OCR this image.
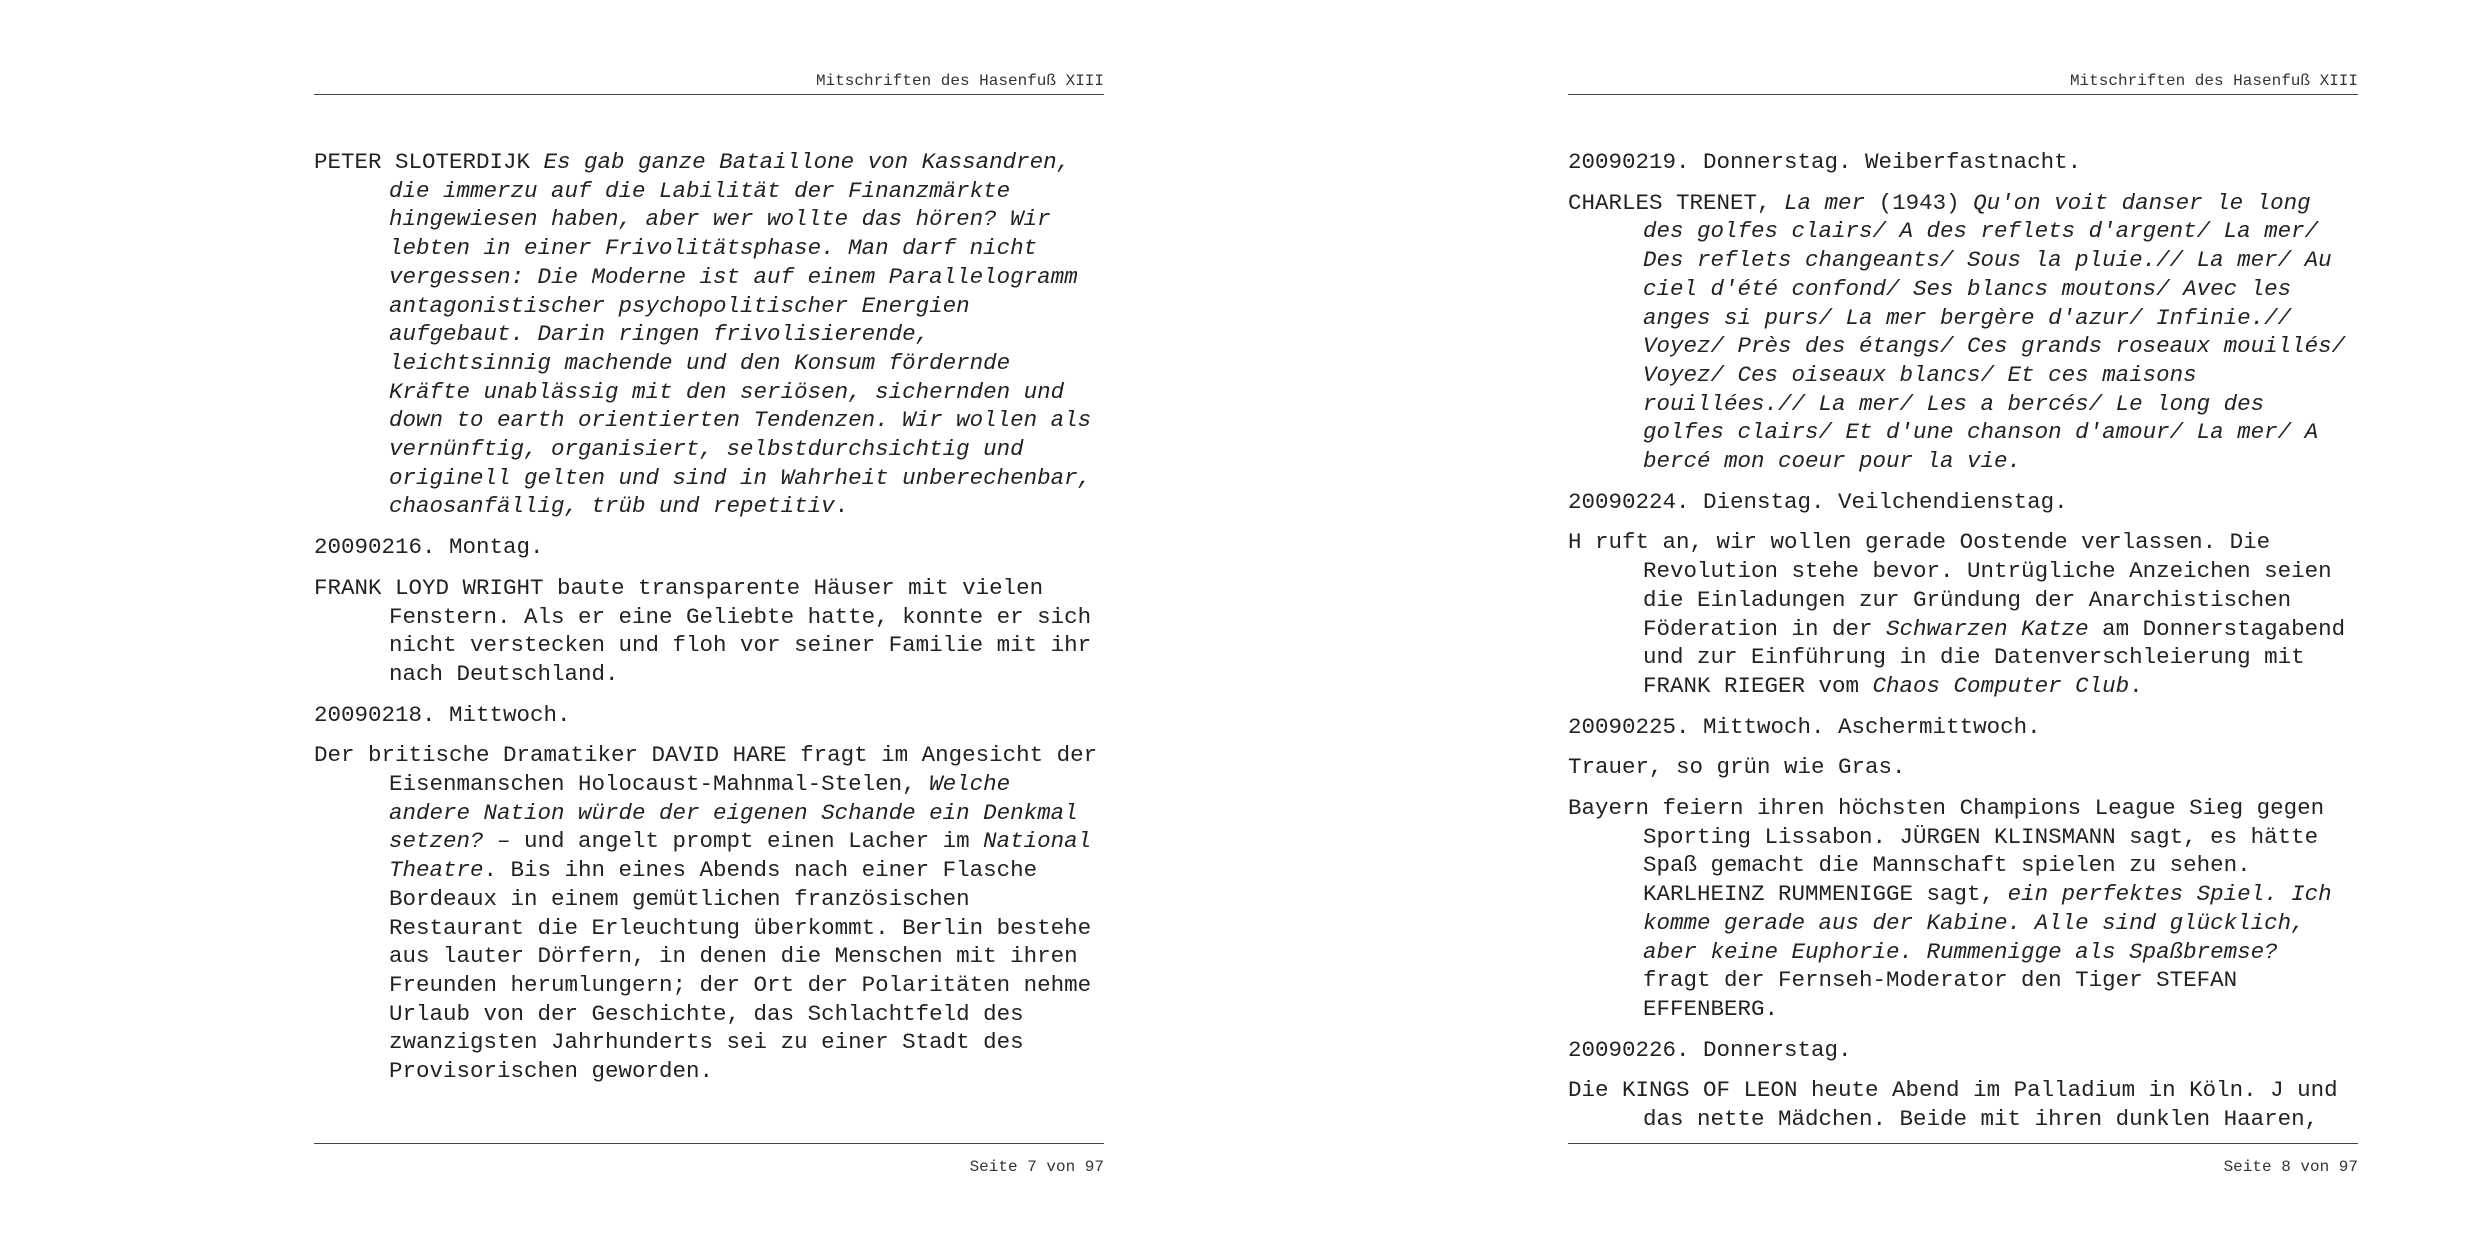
Mitschriften des Hasenfuß XIII

PETER SLOTERDIJK Es gab ganze Bataillone von Kassandren, die immerzu auf die Labilität der Finanzmärkte hingewiesen haben, aber wer wollte das hören? Wir lebten in einer Frivolitätsphase. Man darf nicht vergessen: Die Moderne ist auf einem Parallelogramm antagonistischer psychopolitischer Energien aufgebaut. Darin ringen frivolisierende, leichtsinnig machende und den Konsum fördernde Kräfte unablässig mit den seriösen, sichernden und down to earth orientierten Tendenzen. Wir wollen als vernünftig, organisiert, selbstdurchsichtig und originell gelten und sind in Wahrheit unberechenbar, chaosanfällig, trüb und repetitiv.

20090216. Montag.

FRANK LOYD WRIGHT baute transparente Häuser mit vielen Fenstern. Als er eine Geliebte hatte, konnte er sich nicht verstecken und floh vor seiner Familie mit ihr nach Deutschland.

20090218. Mittwoch.

Der britische Dramatiker DAVID HARE fragt im Angesicht der Eisenmanschen Holocaust-Mahnmal-Stelen, Welche andere Nation würde der eigenen Schande ein Denkmal setzen? – und angelt prompt einen Lacher im National Theatre. Bis ihn eines Abends nach einer Flasche Bordeaux in einem gemütlichen französischen Restaurant die Erleuchtung überkommt. Berlin bestehe aus lauter Dörfern, in denen die Menschen mit ihren Freunden herumlungern; der Ort der Polaritäten nehme Urlaub von der Geschichte, das Schlachtfeld des zwanzigsten Jahrhunderts sei zu einer Stadt des Provisorischen geworden.

Seite 7 von 97
Mitschriften des Hasenfuß XIII

20090219. Donnerstag. Weiberfastnacht.

CHARLES TRENET, La mer (1943) Qu'on voit danser le long des golfes clairs/ A des reflets d'argent/ La mer/ Des reflets changeants/ Sous la pluie.// La mer/ Au ciel d'été confond/ Ses blancs moutons/ Avec les anges si purs/ La mer bergère d'azur/ Infinie.// Voyez/ Près des étangs/ Ces grands roseaux mouillés/ Voyez/ Ces oiseaux blancs/ Et ces maisons rouillées.// La mer/ Les a bercés/ Le long des golfes clairs/ Et d'une chanson d'amour/ La mer/ A bercé mon coeur pour la vie.

20090224. Dienstag. Veilchendienstag.

H ruft an, wir wollen gerade Oostende verlassen. Die Revolution stehe bevor. Untrügliche Anzeichen seien die Einladungen zur Gründung der Anarchistischen Föderation in der Schwarzen Katze am Donnerstagabend und zur Einführung in die Datenverschleierung mit FRANK RIEGER vom Chaos Computer Club.

20090225. Mittwoch. Aschermittwoch.

Trauer, so grün wie Gras.

Bayern feiern ihren höchsten Champions League Sieg gegen Sporting Lissabon. JÜRGEN KLINSMANN sagt, es hätte Spaß gemacht die Mannschaft spielen zu sehen. KARLHEINZ RUMMENIGGE sagt, ein perfektes Spiel. Ich komme gerade aus der Kabine. Alle sind glücklich, aber keine Euphorie. Rummenigge als Spaßbremse? fragt der Fernseh-Moderator den Tiger STEFAN EFFENBERG.

20090226. Donnerstag.

Die KINGS OF LEON heute Abend im Palladium in Köln. J und das nette Mädchen. Beide mit ihren dunklen Haaren,

Seite 8 von 97
